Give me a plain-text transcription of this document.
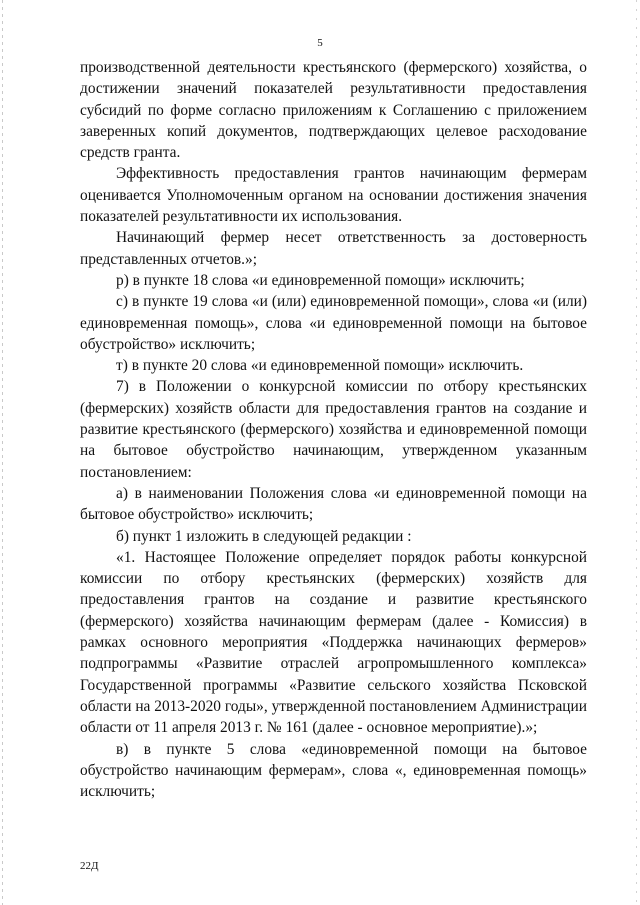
5

производственной деятельности крестьянского (фермерского) хозяйства, о достижении значений показателей результативности предоставления субсидий по форме согласно приложениям к Соглашению с приложением заверенных копий документов, подтверждающих целевое расходование средств гранта.

Эффективность предоставления грантов начинающим фермерам оценивается Уполномоченным органом на основании достижения значения показателей результативности их использования.

Начинающий фермер несет ответственность за достоверность представленных отчетов.»;

р) в пункте 18 слова «и единовременной помощи» исключить;

с) в пункте 19 слова «и (или) единовременной помощи», слова «и (или) единовременная помощь», слова «и единовременной помощи на бытовое обустройство» исключить;

т) в пункте 20 слова «и единовременной помощи» исключить.

7) в Положении о конкурсной комиссии по отбору крестьянских (фермерских) хозяйств области для предоставления грантов на создание и развитие крестьянского (фермерского) хозяйства и единовременной помощи на бытовое обустройство начинающим, утвержденном указанным постановлением:

а) в наименовании Положения слова «и единовременной помощи на бытовое обустройство» исключить;

б) пункт 1 изложить в следующей редакции :

«1. Настоящее Положение определяет порядок работы конкурсной комиссии по отбору крестьянских (фермерских) хозяйств для предоставления грантов на создание и развитие крестьянского (фермерского) хозяйства начинающим фермерам (далее - Комиссия) в рамках основного мероприятия «Поддержка начинающих фермеров» подпрограммы «Развитие отраслей агропромышленного комплекса» Государственной программы «Развитие сельского хозяйства Псковской области на 2013-2020 годы», утвержденной постановлением Администрации области от 11 апреля 2013 г. № 161 (далее - основное мероприятие).»;

в) в пункте 5 слова «единовременной помощи на бытовое обустройство начинающим фермерам», слова «, единовременная помощь» исключить;

22Д
